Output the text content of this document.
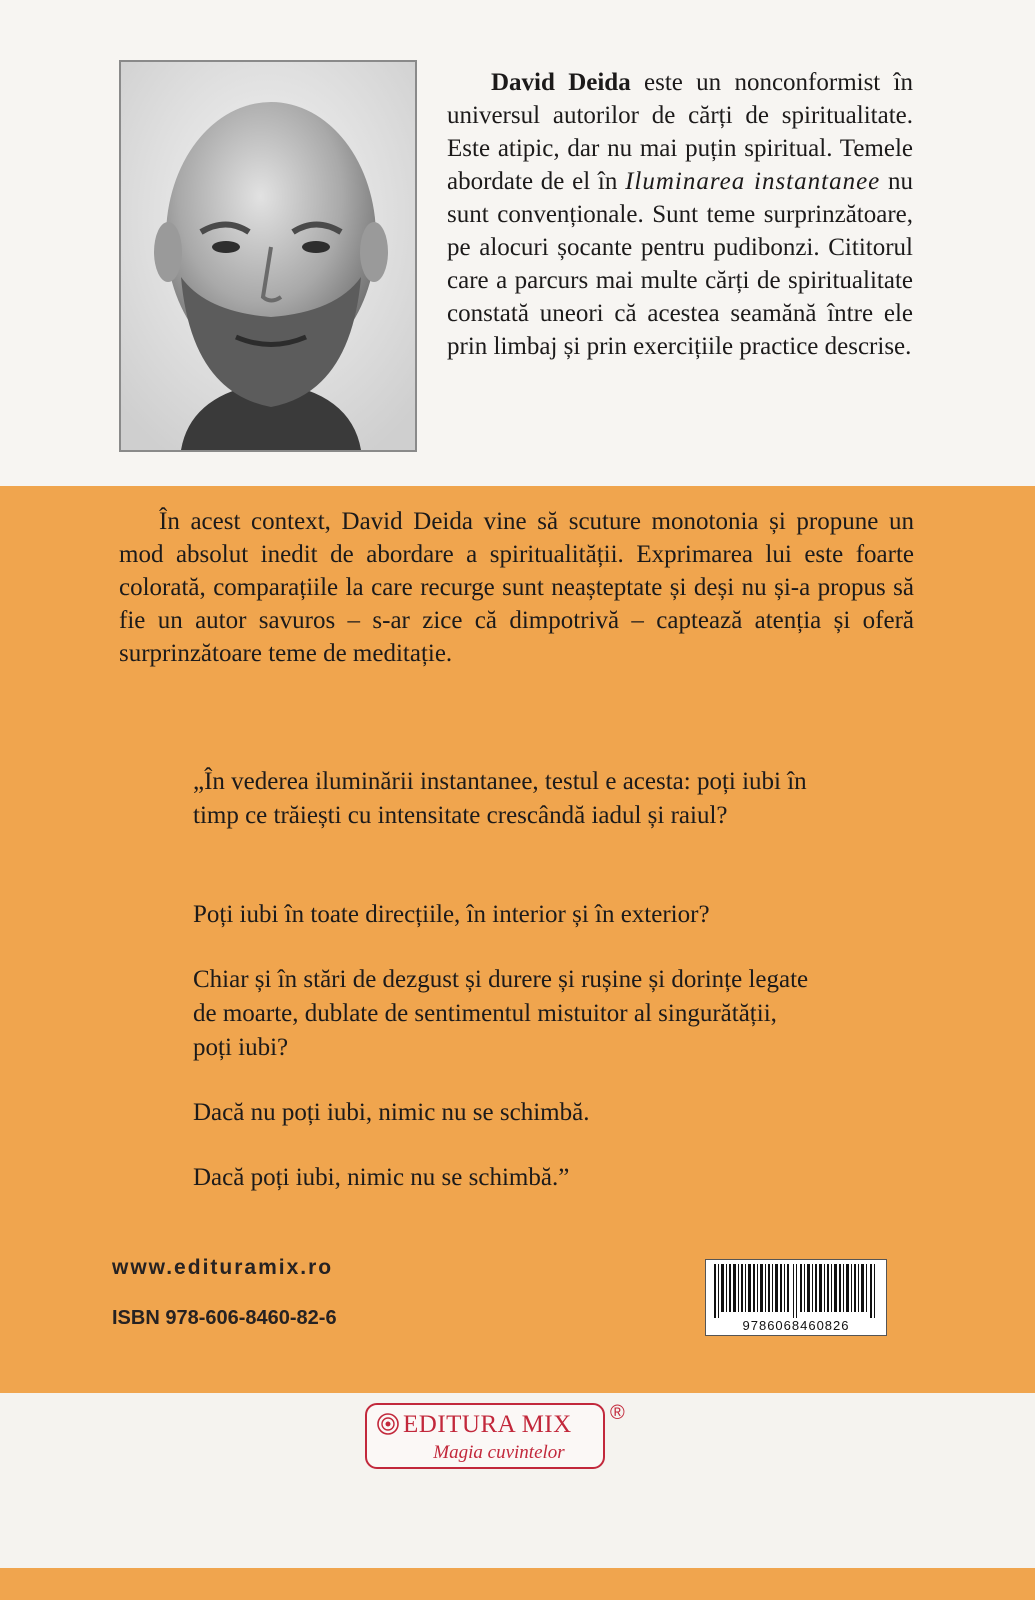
David Deida este un nonconformist în universul autorilor de cărți de spiritualitate. Este atipic, dar nu mai puțin spiritual. Temele abordate de el în Iluminarea instantanee nu sunt convenționale. Sunt teme surprinzătoare, pe alocuri șocante pentru pudibonzi. Cititorul care a parcurs mai multe cărți de spiritualitate constată uneori că acestea seamănă între ele prin limbaj și prin exercițiile practice descrise.

În acest context, David Deida vine să scuture monotonia și propune un mod absolut inedit de abordare a spiritualității. Exprimarea lui este foarte colorată, comparațiile la care recurge sunt neașteptate și deși nu și-a propus să fie un autor savuros – s-ar zice că dimpotrivă – captează atenția și oferă surprinzătoare teme de meditație.

„În vederea iluminării instantanee, testul e acesta: poți iubi în timp ce trăiești cu intensitate crescândă iadul și raiul?

Poți iubi în toate direcțiile, în interior și în exterior?

Chiar și în stări de dezgust și durere și rușine și dorințe legate de moarte, dublate de sentimentul mistuitor al singurătății, poți iubi?

Dacă nu poți iubi, nimic nu se schimbă.

Dacă poți iubi, nimic nu se schimbă.”

www.edituramix.ro
ISBN 978-606-8460-82-6	9786068460826
EDITURA MIX
Magia cuvintelor
®
